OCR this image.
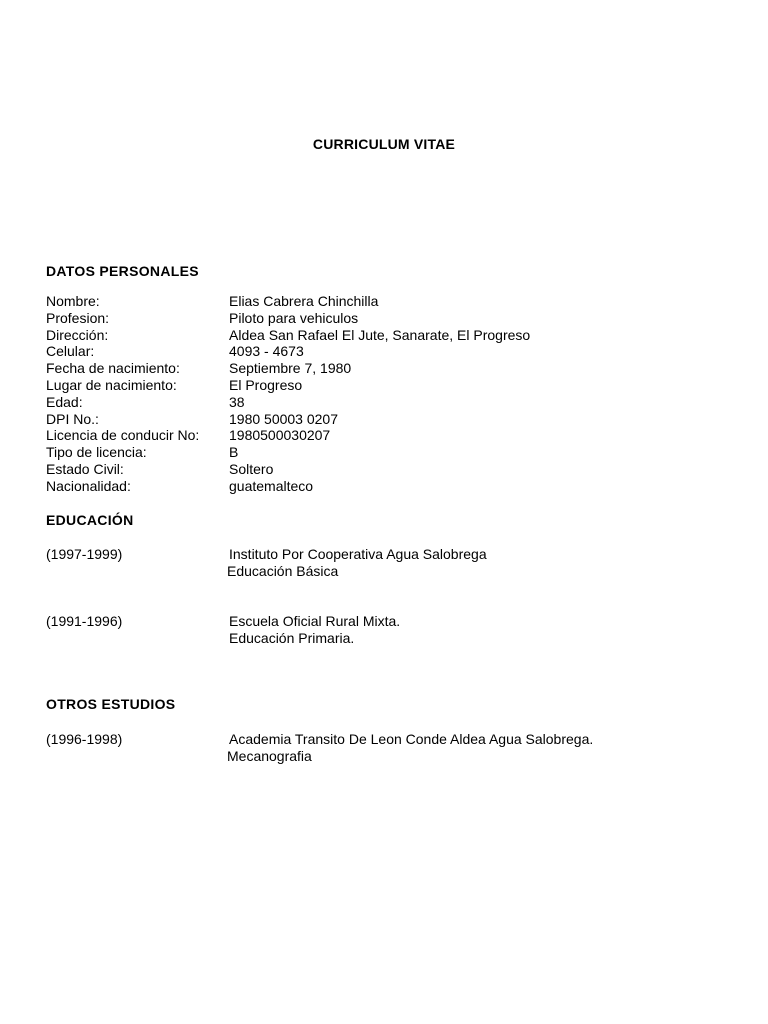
CURRICULUM VITAE
DATOS PERSONALES
Nombre:	Elias Cabrera Chinchilla
Profesion:	Piloto para vehiculos
Dirección:	Aldea San Rafael El Jute, Sanarate, El Progreso
Celular:	4093 - 4673
Fecha de nacimiento:	Septiembre 7, 1980
Lugar de nacimiento:	El Progreso
Edad:	38
DPI No.:	1980 50003 0207
Licencia de conducir No: 1980500030207
Tipo de licencia:	B
Estado Civil:	Soltero
Nacionalidad:	guatemalteco
EDUCACIÓN
(1997-1999)	Instituto Por Cooperativa Agua Salobrega
Educación Básica
(1991-1996)	Escuela Oficial Rural Mixta.
Educación Primaria.
OTROS ESTUDIOS
(1996-1998)	Academia Transito De Leon Conde Aldea Agua Salobrega.
Mecanografia
